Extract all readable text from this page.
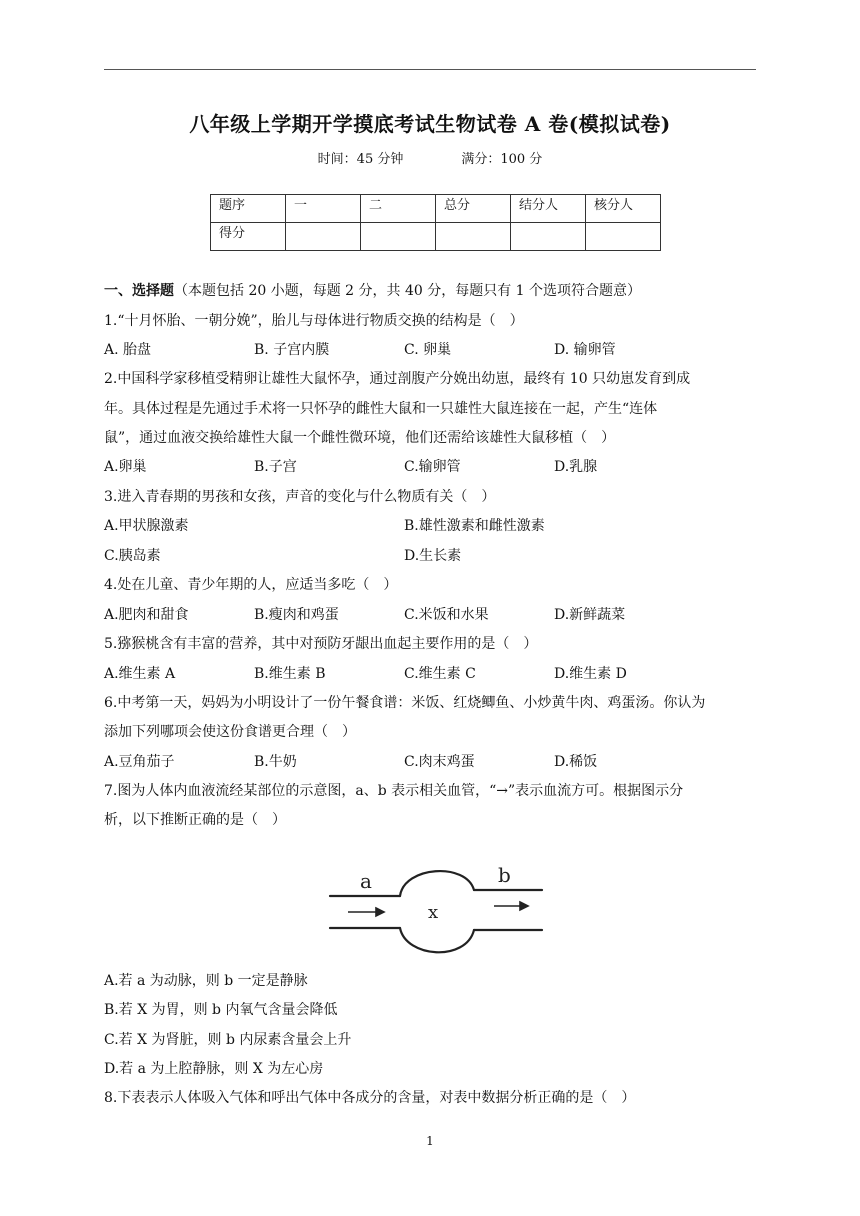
八年级上学期开学摸底考试生物试卷 A 卷(模拟试卷)
时间：45 分钟	满分：100 分
题序	一	二	总分	结分人	核分人
得分					
一、选择题（本题包括 20 小题，每题 2 分，共 40 分，每题只有 1 个选项符合题意）
1.“十月怀胎、一朝分娩”，胎儿与母体进行物质交换的结构是（　）
A. 胎盘	B. 子宫内膜	C. 卵巢	D. 输卵管
2.中国科学家移植受精卵让雄性大鼠怀孕，通过剖腹产分娩出幼崽，最终有 10 只幼崽发育到成
年。具体过程是先通过手术将一只怀孕的雌性大鼠和一只雄性大鼠连接在一起，产生“连体
鼠”，通过血液交换给雄性大鼠一个雌性微环境，他们还需给该雄性大鼠移植（　）
A.卵巢	B.子宫	C.输卵管	D.乳腺
3.进入青春期的男孩和女孩，声音的变化与什么物质有关（　）
A.甲状腺激素	B.雄性激素和雌性激素
C.胰岛素	D.生长素
4.处在儿童、青少年期的人，应适当多吃（　）
A.肥肉和甜食	B.瘦肉和鸡蛋	C.米饭和水果	D.新鲜蔬菜
5.猕猴桃含有丰富的营养，其中对预防牙龈出血起主要作用的是（　）
A.维生素 A	B.维生素 B	C.维生素 C	D.维生素 D
6.中考第一天，妈妈为小明设计了一份午餐食谱：米饭、红烧鲫鱼、小炒黄牛肉、鸡蛋汤。你认为
添加下列哪项会使这份食谱更合理（　）
A.豆角茄子	B.牛奶	C.肉末鸡蛋	D.稀饭
7.图为人体内血液流经某部位的示意图，a、b 表示相关血管，“→”表示血流方可。根据图示分
析，以下推断正确的是（　）
a	b
x
A.若 a 为动脉，则 b 一定是静脉
B.若 X 为胃，则 b 内氧气含量会降低
C.若 X 为肾脏，则 b 内尿素含量会上升
D.若 a 为上腔静脉，则 X 为左心房
8.下表表示人体吸入气体和呼出气体中各成分的含量，对表中数据分析正确的是（　）
1
